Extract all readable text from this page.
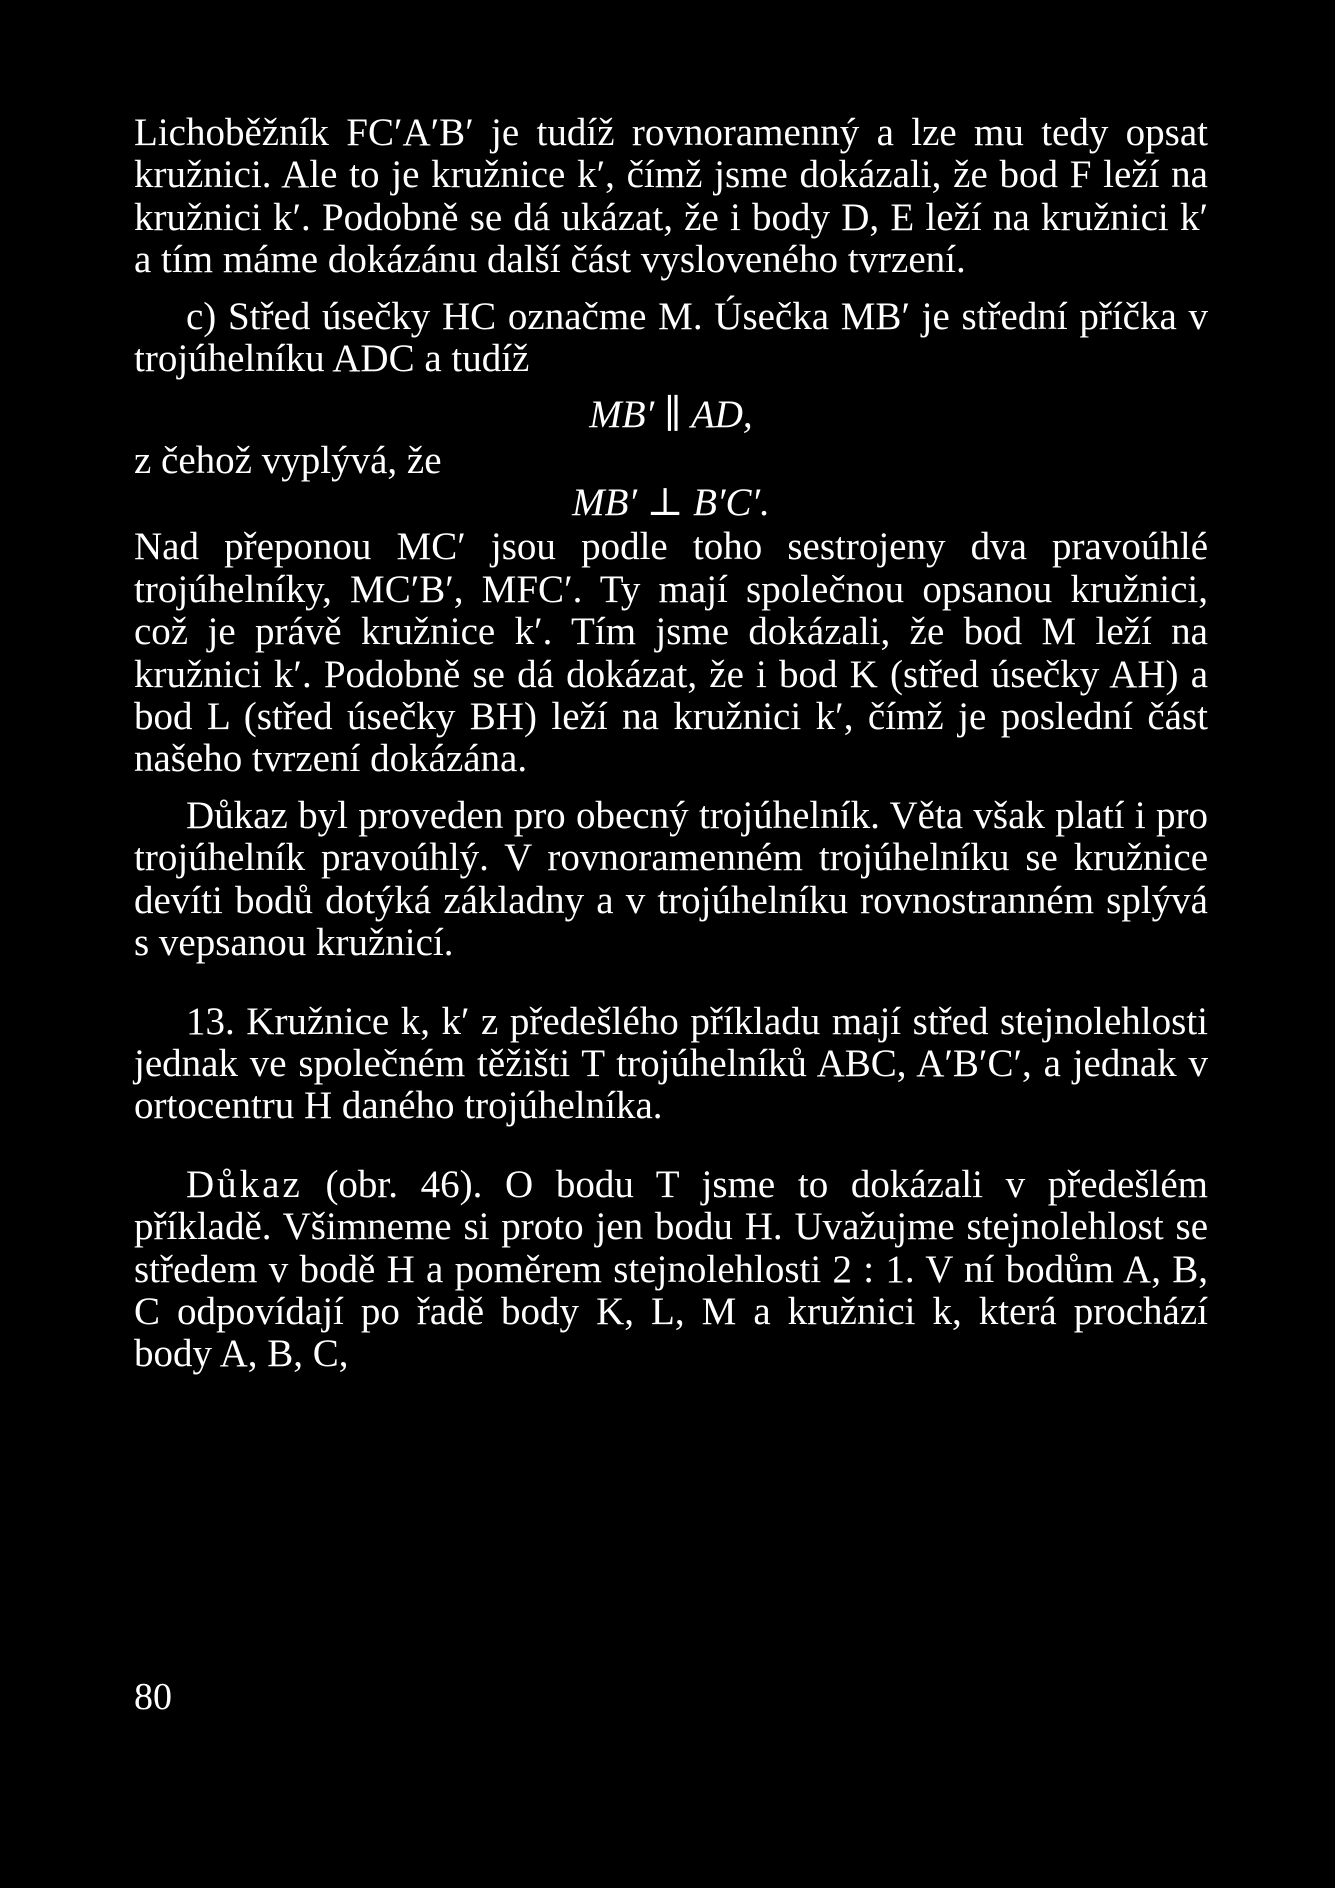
Lichoběžník FC′A′B′ je tudíž rovnoramenný a lze mu tedy opsat kružnici. Ale to je kružnice k′, čímž jsme dokázali, že bod F leží na kružnici k′. Podobně se dá ukázat, že i body D, E leží na kružnici k′ a tím máme dokázánu další část vysloveného tvrzení.

c) Střed úsečky HC označme M. Úsečka MB′ je střední příčka v trojúhelníku ADC a tudíž

MB′ ∥ AD,
z čehož vyplývá, že
MB′ ⊥ B′C′.

Nad přeponou MC′ jsou podle toho sestrojeny dva pravoúhlé trojúhelníky, MC′B′, MFC′. Ty mají společnou opsanou kružnici, což je právě kružnice k′. Tím jsme dokázali, že bod M leží na kružnici k′. Podobně se dá dokázat, že i bod K (střed úsečky AH) a bod L (střed úsečky BH) leží na kružnici k′, čímž je poslední část našeho tvrzení dokázána.

Důkaz byl proveden pro obecný trojúhelník. Věta však platí i pro trojúhelník pravoúhlý. V rovnoramenném trojúhelníku se kružnice devíti bodů dotýká základny a v trojúhelníku rovnostranném splývá s vepsanou kružnicí.

13. Kružnice k, k′ z předešlého příkladu mají střed stejnolehlosti jednak ve společném těžišti T trojúhelníků ABC, A′B′C′, a jednak v ortocentru H daného trojúhelníka.

Důkaz (obr. 46). O bodu T jsme to dokázali v předešlém příkladě. Všimneme si proto jen bodu H. Uvažujme stejnolehlost se středem v bodě H a poměrem stejnolehlosti 2 : 1. V ní bodům A, B, C odpovídají po řadě body K, L, M a kružnici k, která prochází body A, B, C,

80
